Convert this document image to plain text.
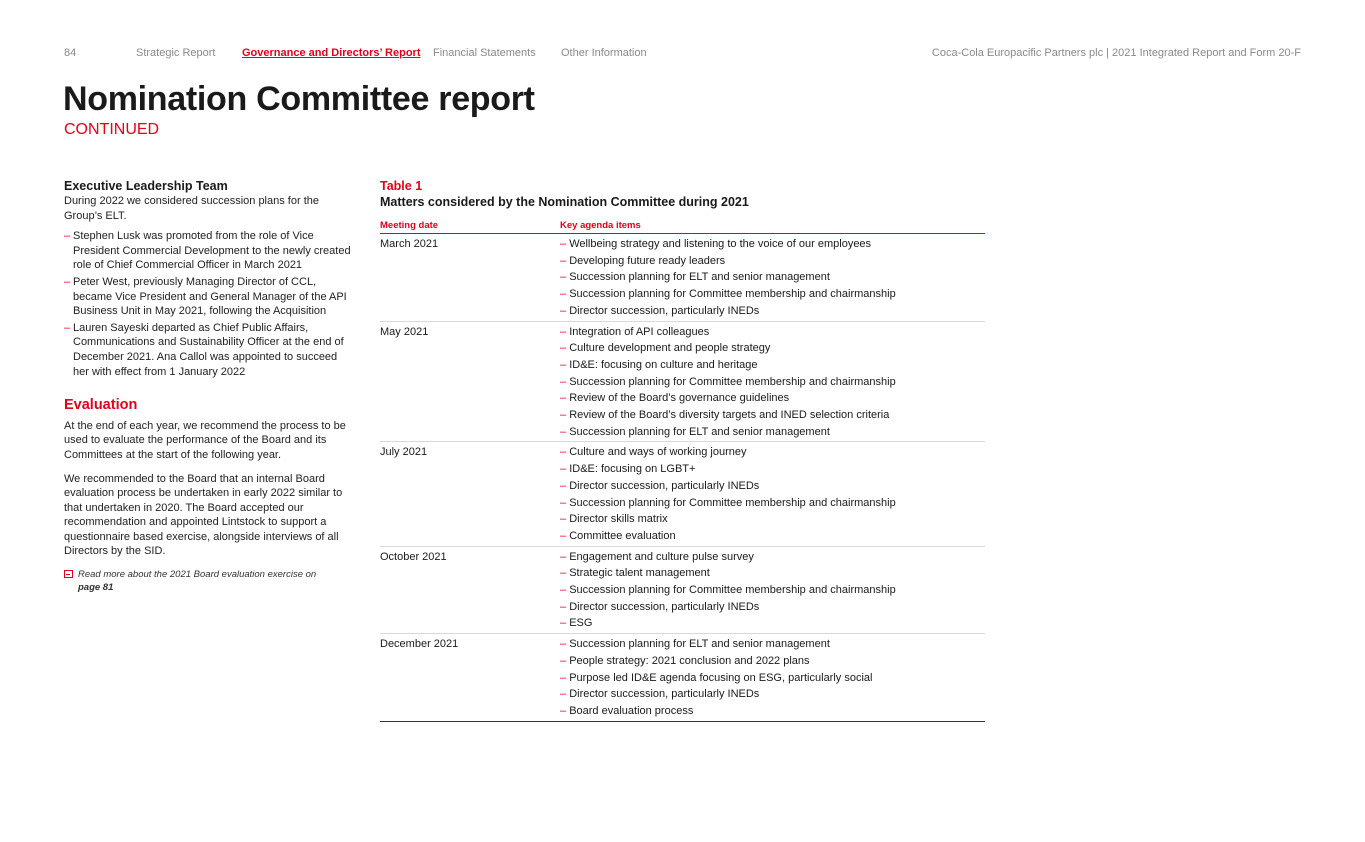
84	Strategic Report Governance and Directors’ Report Financial Statements Other Information	Coca-Cola Europacific Partners plc | 2021 Integrated Report and Form 20-F
Nomination Committee report
CONTINUED
Executive Leadership Team

During 2022 we considered succession plans for the Group’s ELT.

– Stephen Lusk was promoted from the role of Vice President Commercial Development to the newly created role of Chief Commercial Officer in March 2021
– Peter West, previously Managing Director of CCL, became Vice President and General Manager of the API Business Unit in May 2021, following the Acquisition
– Lauren Sayeski departed as Chief Public Affairs, Communications and Sustainability Officer at the end of December 2021. Ana Callol was appointed to succeed her with effect from 1 January 2022
Evaluation

At the end of each year, we recommend the process to be used to evaluate the performance of the Board and its Committees at the start of the following year.

We recommended to the Board that an internal Board evaluation process be undertaken in early 2022 similar to that undertaken in 2020. The Board accepted our recommendation and appointed Lintstock to support a questionnaire based exercise, alongside interviews of all Directors by the SID.

Read more about the 2021 Board evaluation exercise on
page 81
Table 1
Matters considered by the Nomination Committee during 2021
Meeting date	Key agenda items
March 2021	– Wellbeing strategy and listening to the voice of our employees
– Developing future ready leaders
– Succession planning for ELT and senior management
– Succession planning for Committee membership and chairmanship
– Director succession, particularly INEDs
May 2021	– Integration of API colleagues
– Culture development and people strategy
– ID&E: focusing on culture and heritage
– Succession planning for Committee membership and chairmanship
– Review of the Board’s governance guidelines
– Review of the Board’s diversity targets and INED selection criteria
– Succession planning for ELT and senior management
July 2021	– Culture and ways of working journey
– ID&E: focusing on LGBT+
– Director succession, particularly INEDs
– Succession planning for Committee membership and chairmanship
– Director skills matrix
– Committee evaluation
October 2021	– Engagement and culture pulse survey
– Strategic talent management
– Succession planning for Committee membership and chairmanship
– Director succession, particularly INEDs
– ESG
December 2021	– Succession planning for ELT and senior management
– People strategy: 2021 conclusion and 2022 plans
– Purpose led ID&E agenda focusing on ESG, particularly social
– Director succession, particularly INEDs
– Board evaluation process
